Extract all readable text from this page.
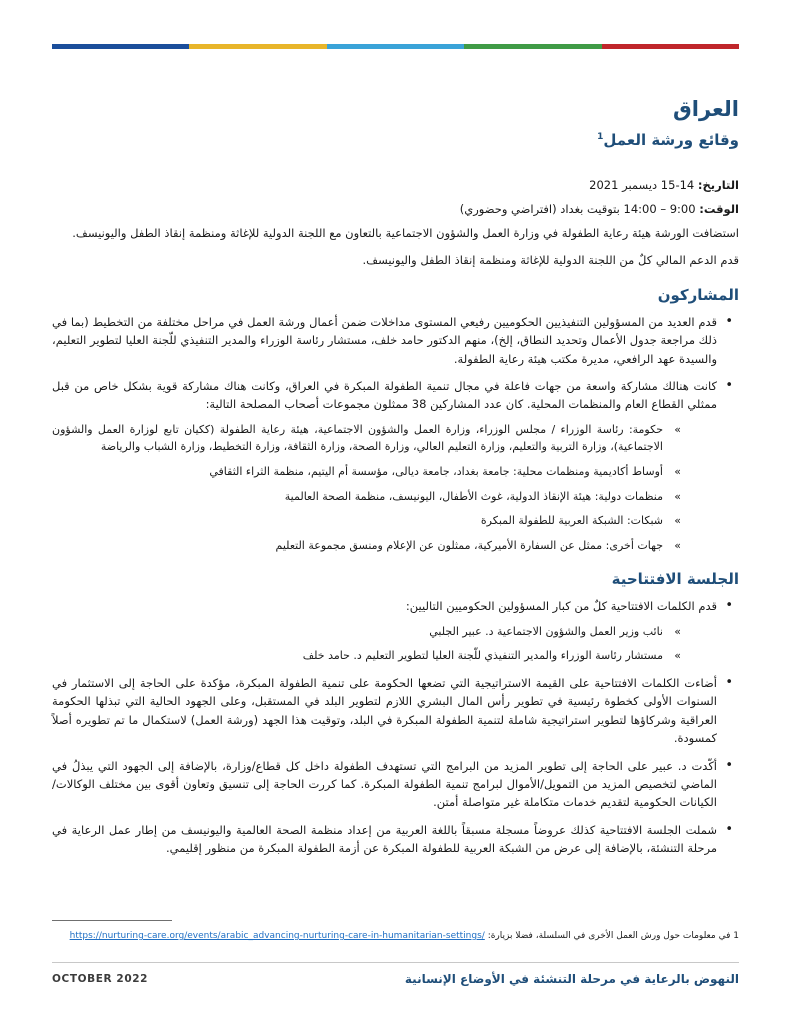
العراق
وقائع ورشة العمل$^1$

التاريخ: 14-15 ديسمبر 2021

الوقت: 9:00 – 14:00 بتوقيت بغداد (افتراضي وحضوري)

استضافت الورشة هيئة رعاية الطفولة في وزارة العمل والشؤون الاجتماعية بالتعاون مع اللجنة الدولية للإغاثة ومنظمة إنقاذ الطفل واليونيسف.

قدم الدعم المالي كلٌ من اللجنة الدولية للإغاثة ومنظمة إنقاذ الطفل واليونيسف.

المشاركون
• قدم العديد من المسؤولين التنفيذيين الحكوميين رفيعي المستوى مداخلات ضمن أعمال ورشة العمل في مراحل مختلفة من التخطيط (بما في ذلك مراجعة جدول الأعمال وتحديد النطاق، إلخ)، منهم الدكتور حامد خلف، مستشار رئاسة الوزراء والمدير التنفيذي للّجنة العليا لتطوير التعليم، والسيدة عهد الرافعي، مديرة مكتب هيئة رعاية الطفولة.
• كانت هنالك مشاركة واسعة من جهات فاعلة في مجال تنمية الطفولة المبكرة في العراق، وكانت هناك مشاركة قوية بشكل خاص من قبل ممثلي القطاع العام والمنظمات المحلية. كان عدد المشاركين 38 ممثلون مجموعات أصحاب المصلحة التالية:
» حكومة: رئاسة الوزراء / مجلس الوزراء، وزارة العمل والشؤون الاجتماعية، هيئة رعاية الطفولة (ككيان تابع لوزارة العمل والشؤون الاجتماعية)، وزارة التربية والتعليم، وزارة التعليم العالي، وزارة الصحة، وزارة الثقافة، وزارة التخطيط، وزارة الشباب والرياضة
» أوساط أكاديمية ومنظمات محلية: جامعة بغداد، جامعة ديالى، مؤسسة أم اليتيم، منظمة الثراء الثقافي
» منظمات دولية: هيئة الإنقاذ الدولية، غوث الأطفال، اليونيسف، منظمة الصحة العالمية
» شبكات: الشبكة العربية للطفولة المبكرة
» جهات أخرى: ممثل عن السفارة الأميركية، ممثلون عن الإعلام ومنسق مجموعة التعليم
الجلسة الافتتاحية
• قدم الكلمات الافتتاحية كلٌ من كبار المسؤولين الحكوميين التاليين:
» نائب وزير العمل والشؤون الاجتماعية د. عبير الجلبي
» مستشار رئاسة الوزراء والمدير التنفيذي للّجنة العليا لتطوير التعليم د. حامد خلف
• أضاءت الكلمات الافتتاحية على القيمة الاستراتيجية التي تضعها الحكومة على تنمية الطفولة المبكرة، مؤكدة على الحاجة إلى الاستثمار في السنوات الأولى كخطوة رئيسية في تطوير رأس المال البشري اللازم لتطوير البلد في المستقبل، وعلى الجهود الحالية التي تبذلها الحكومة العراقية وشركاؤها لتطوير استراتيجية شاملة لتنمية الطفولة المبكرة في البلد، وتوقيت هذا الجهد (ورشة العمل) لاستكمال ما تم تطويره أصلاً كمسودة.
• أكّدت د. عبير على الحاجة إلى تطوير المزيد من البرامج التي تستهدف الطفولة داخل كل قطاع/وزارة، بالإضافة إلى الجهود التي يبذلُ في الماضي لتخصيص المزيد من التمويل/الأموال لبرامج تنمية الطفولة المبكرة. كما كررت الحاجة إلى تنسيق وتعاون أقوى بين مختلف الوكالات/ الكيانات الحكومية لتقديم خدمات متكاملة غير متواصلة أمتن.
• شملت الجلسة الافتتاحية كذلك عروضاً مسجلة مسبقاً باللغة العربية من إعداد منظمة الصحة العالمية واليونيسف من إطار عمل الرعاية في مرحلة التنشئة، بالإضافة إلى عرض من الشبكة العربية للطفولة المبكرة عن أزمة الطفولة المبكرة من منظور إقليمي.
1 في معلومات حول ورش العمل الأخرى في السلسلة، فضلا بزيارة: https://nurturing-care.org/events/arabic_advancing-nurturing-care-in-humanitarian-settings/
OCTOBER 2022	النهوض بالرعاية في مرحلة التنشئة في الأوضاع الإنسانية
